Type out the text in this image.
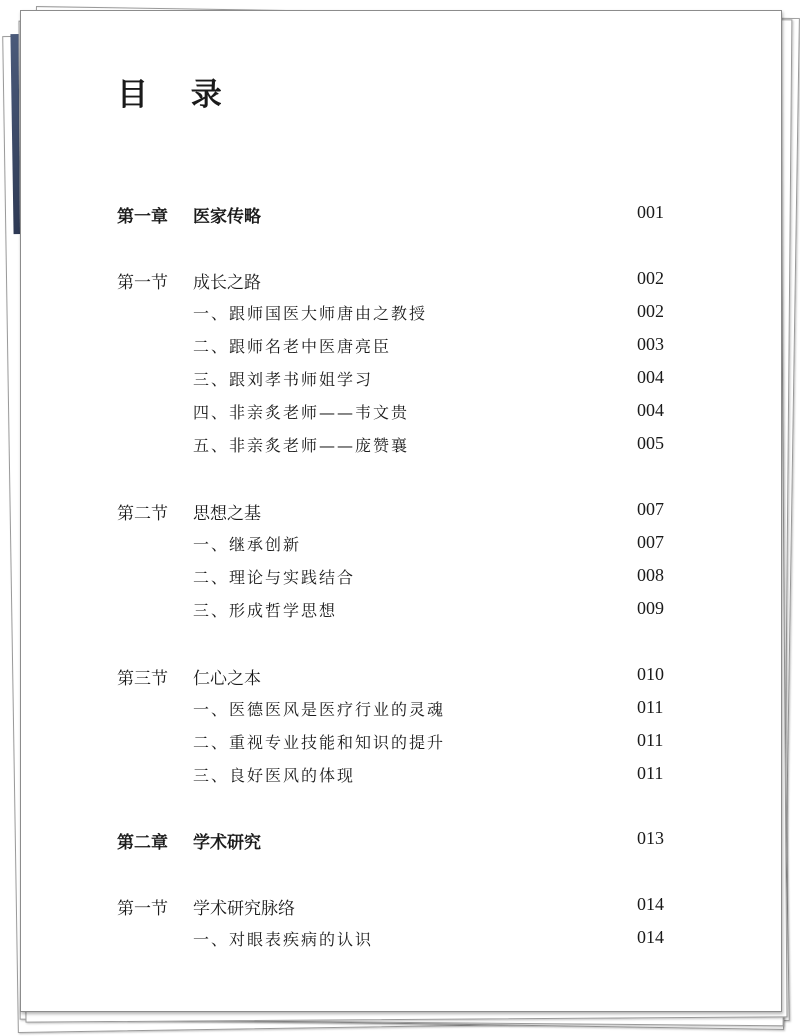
目 录
第一章 医家传略	001
第一节 成长之路	002
一、跟师国医大师唐由之教授	002
二、跟师名老中医唐亮臣	003
三、跟刘孝书师姐学习	004
四、非亲炙老师——韦文贵	004
五、非亲炙老师——庞赞襄	005
第二节 思想之基	007
一、继承创新	007
二、理论与实践结合	008
三、形成哲学思想	009
第三节 仁心之本	010
一、医德医风是医疗行业的灵魂	011
二、重视专业技能和知识的提升	011
三、良好医风的体现	011
第二章 学术研究	013
第一节 学术研究脉络	014
一、对眼表疾病的认识	014
